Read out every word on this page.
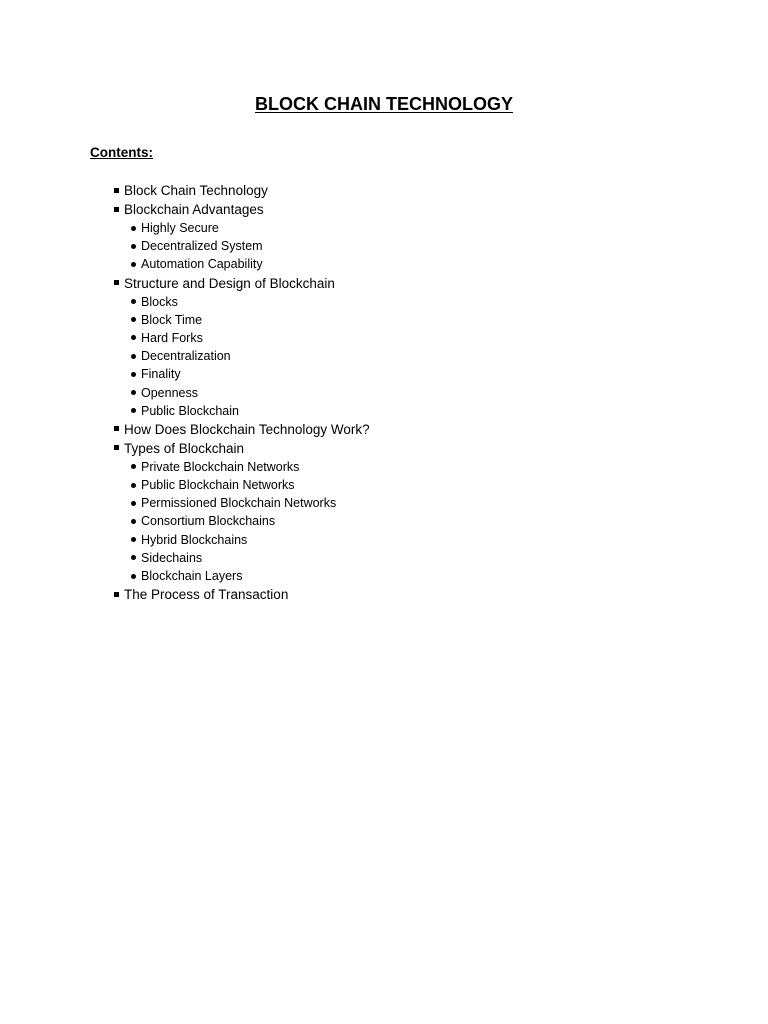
BLOCK CHAIN TECHNOLOGY

Contents:

Block Chain Technology
Blockchain Advantages
Highly Secure
Decentralized System
Automation Capability
Structure and Design of Blockchain
Blocks
Block Time
Hard Forks
Decentralization
Finality
Openness
Public Blockchain
How Does Blockchain Technology Work?
Types of Blockchain
Private Blockchain Networks
Public Blockchain Networks
Permissioned Blockchain Networks
Consortium Blockchains
Hybrid Blockchains
Sidechains
Blockchain Layers
The Process of Transaction
